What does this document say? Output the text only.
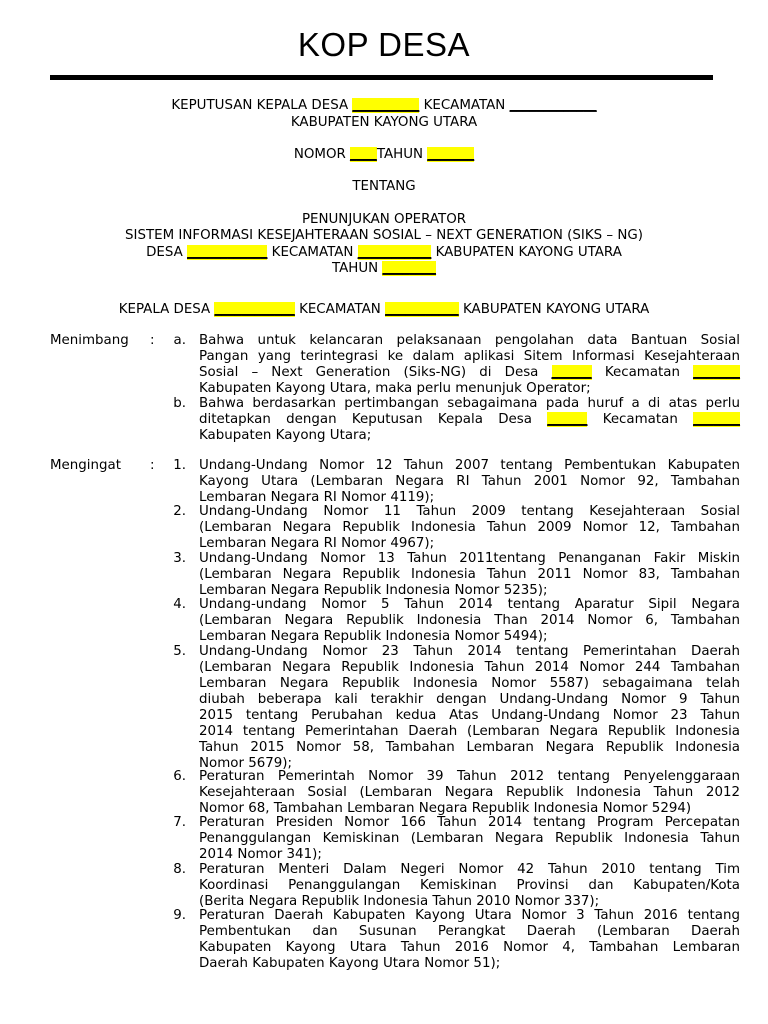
KOP DESA
KEPUTUSAN KEPALA DESA __________ KECAMATAN _____________
KABUPATEN KAYONG UTARA
NOMOR ____TAHUN _______
TENTANG
PENUNJUKAN OPERATOR
SISTEM INFORMASI KESEJAHTERAAN SOSIAL – NEXT GENERATION (SIKS – NG)
DESA ____________ KECAMATAN ___________ KABUPATEN KAYONG UTARA
TAHUN ________
KEPALA DESA ____________ KECAMATAN ___________ KABUPATEN KAYONG UTARA
Menimbang :	a. Bahwa untuk kelancaran pelaksanaan pengolahan data Bantuan Sosial
Pangan yang terintegrasi ke dalam aplikasi Sitem Informasi Kesejahteraan
Sosial – Next Generation (Siks-NG) di Desa ______ Kecamatan _______
Kabupaten Kayong Utara, maka perlu menunjuk Operator;
b. Bahwa berdasarkan pertimbangan sebagaimana pada huruf a di atas perlu
ditetapkan dengan Keputusan Kepala Desa ______ Kecamatan _______
Kabupaten Kayong Utara;
Mengingat :	1. Undang-Undang Nomor 12 Tahun 2007 tentang Pembentukan Kabupaten
Kayong Utara (Lembaran Negara RI Tahun 2001 Nomor 92, Tambahan
Lembaran Negara RI Nomor 4119);
2. Undang-Undang Nomor 11 Tahun 2009 tentang Kesejahteraan Sosial
(Lembaran Negara Republik Indonesia Tahun 2009 Nomor 12, Tambahan
Lembaran Negara RI Nomor 4967);
3. Undang-Undang Nomor 13 Tahun 2011tentang Penanganan Fakir Miskin
(Lembaran Negara Republik Indonesia Tahun 2011 Nomor 83, Tambahan
Lembaran Negara Republik Indonesia Nomor 5235);
4. Undang-undang Nomor 5 Tahun 2014 tentang Aparatur Sipil Negara
(Lembaran Negara Republik Indonesia Than 2014 Nomor 6, Tambahan
Lembaran Negara Republik Indonesia Nomor 5494);
5. Undang-Undang Nomor 23 Tahun 2014 tentang Pemerintahan Daerah
(Lembaran Negara Republik Indonesia Tahun 2014 Nomor 244 Tambahan
Lembaran Negara Republik Indonesia Nomor 5587) sebagaimana telah
diubah beberapa kali terakhir dengan Undang-Undang Nomor 9 Tahun
2015 tentang Perubahan kedua Atas Undang-Undang Nomor 23 Tahun
2014 tentang Pemerintahan Daerah (Lembaran Negara Republik Indonesia
Tahun 2015 Nomor 58, Tambahan Lembaran Negara Republik Indonesia
Nomor 5679);
6. Peraturan Pemerintah Nomor 39 Tahun 2012 tentang Penyelenggaraan
Kesejahteraan Sosial (Lembaran Negara Republik Indonesia Tahun 2012
Nomor 68, Tambahan Lembaran Negara Republik Indonesia Nomor 5294)
7. Peraturan Presiden Nomor 166 Tahun 2014 tentang Program Percepatan
Penanggulangan Kemiskinan (Lembaran Negara Republik Indonesia Tahun
2014 Nomor 341);
8. Peraturan Menteri Dalam Negeri Nomor 42 Tahun 2010 tentang Tim
Koordinasi Penanggulangan Kemiskinan Provinsi dan Kabupaten/Kota
(Berita Negara Republik Indonesia Tahun 2010 Nomor 337);
9. Peraturan Daerah Kabupaten Kayong Utara Nomor 3 Tahun 2016 tentang
Pembentukan dan Susunan Perangkat Daerah (Lembaran Daerah
Kabupaten Kayong Utara Tahun 2016 Nomor 4, Tambahan Lembaran
Daerah Kabupaten Kayong Utara Nomor 51);
